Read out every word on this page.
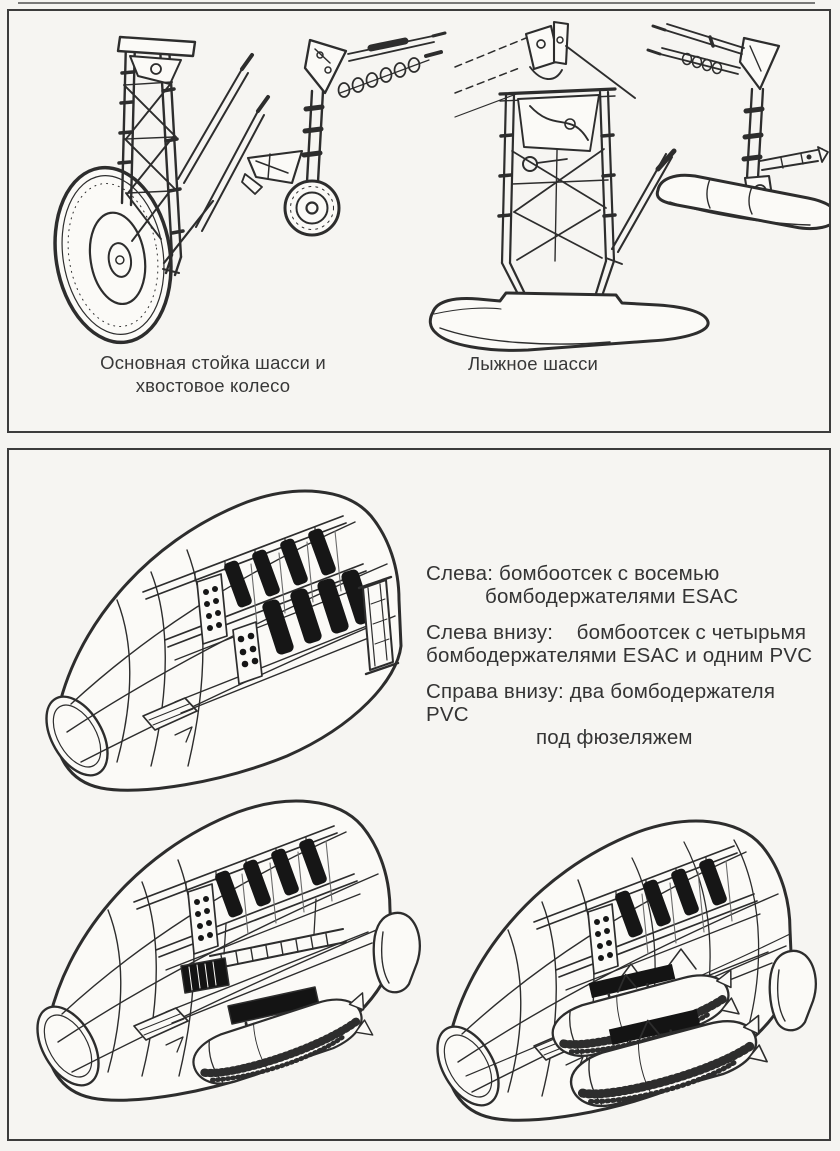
Основная стойка шасси и
хвостовое колесо
Лыжное шасси
Слева: бомбоотсек с восемью
бомбодержателями ESAC
Слева внизу:    бомбоотсек с четырьмя
бомбодержателями ESAC и одним PVC
Справа внизу: два бомбодержателя PVC
под фюзеляжем
